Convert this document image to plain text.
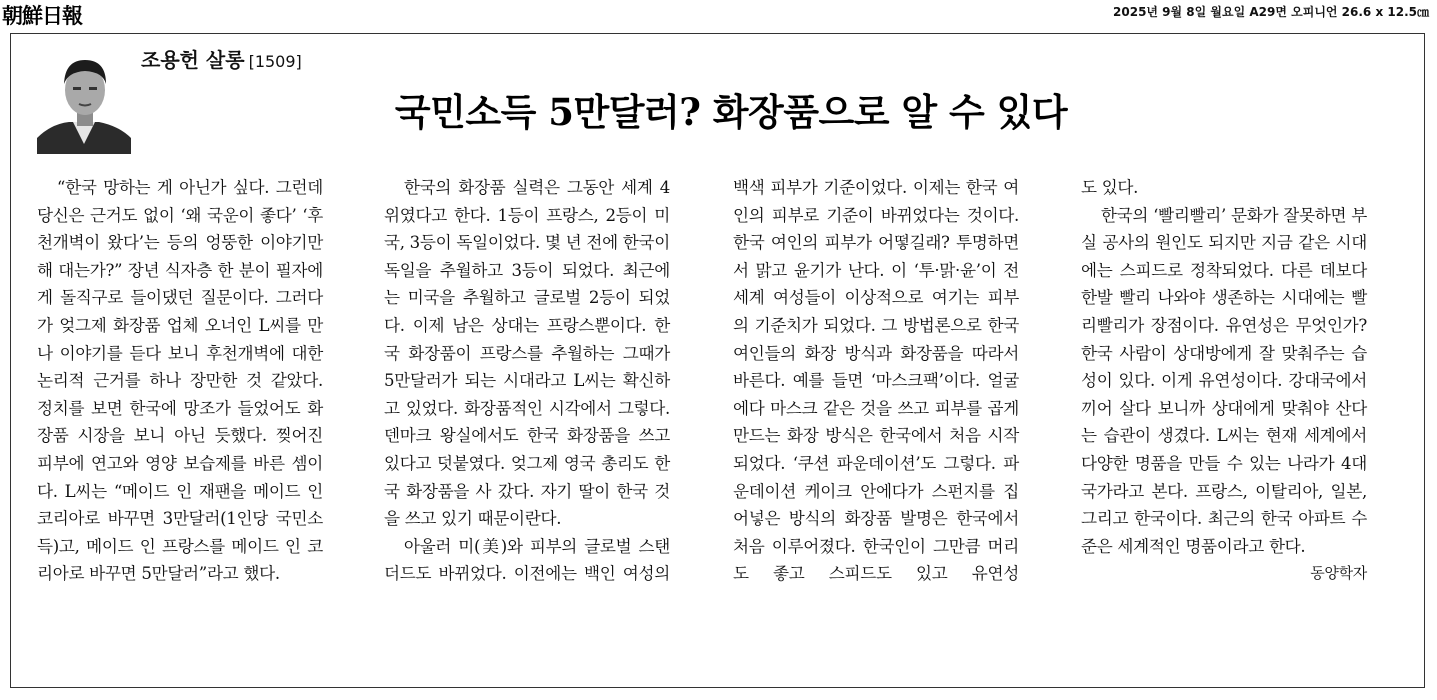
朝鮮日報	2025년 9월 8일 월요일 A29면 오피니언 26.6 x 12.5㎝
조용헌 살롱 [1509]
국민소득 5만달러? 화장품으로 알 수 있다

“한국 망하는 게 아닌가 싶다. 그런데 당신은 근거도 없이 ‘왜 국운이 좋다’ ‘후천개벽이 왔다’는 등의 엉뚱한 이야기만 해 대는가?” 장년 식자층 한 분이 필자에게 돌직구로 들이댔던 질문이다. 그러다가 엊그제 화장품 업체 오너인 L씨를 만나 이야기를 듣다 보니 후천개벽에 대한 논리적 근거를 하나 장만한 것 같았다. 정치를 보면 한국에 망조가 들었어도 화장품 시장을 보니 아닌 듯했다. 찢어진 피부에 연고와 영양 보습제를 바른 셈이다. L씨는 “메이드 인 재팬을 메이드 인 코리아로 바꾸면 3만달러(1인당 국민소득)고, 메이드 인 프랑스를 메이드 인 코리아로 바꾸면 5만달러”라고 했다.

한국의 화장품 실력은 그동안 세계 4위였다고 한다. 1등이 프랑스, 2등이 미국, 3등이 독일이었다. 몇 년 전에 한국이 독일을 추월하고 3등이 되었다. 최근에는 미국을 추월하고 글로벌 2등이 되었다. 이제 남은 상대는 프랑스뿐이다. 한국 화장품이 프랑스를 추월하는 그때가 5만달러가 되는 시대라고 L씨는 확신하고 있었다. 화장품적인 시각에서 그렇다. 덴마크 왕실에서도 한국 화장품을 쓰고 있다고 덧붙였다. 엊그제 영국 총리도 한국 화장품을 사 갔다. 자기 딸이 한국 것을 쓰고 있기 때문이란다.

아울러 미(美)와 피부의 글로벌 스탠더드도 바뀌었다. 이전에는 백인 여성의

백색 피부가 기준이었다. 이제는 한국 여인의 피부로 기준이 바뀌었다는 것이다. 한국 여인의 피부가 어떻길래? 투명하면서 맑고 윤기가 난다. 이 ‘투·맑·윤’이 전 세계 여성들이 이상적으로 여기는 피부의 기준치가 되었다. 그 방법론으로 한국 여인들의 화장 방식과 화장품을 따라서 바른다. 예를 들면 ‘마스크팩’이다. 얼굴에다 마스크 같은 것을 쓰고 피부를 곱게 만드는 화장 방식은 한국에서 처음 시작되었다. ‘쿠션 파운데이션’도 그렇다. 파운데이션 케이크 안에다가 스펀지를 집어넣은 방식의 화장품 발명은 한국에서 처음 이루어졌다. 한국인이 그만큼 머리도 좋고 스피드도 있고 유연성

도 있다.

한국의 ‘빨리빨리’ 문화가 잘못하면 부실 공사의 원인도 되지만 지금 같은 시대에는 스피드로 정착되었다. 다른 데보다 한발 빨리 나와야 생존하는 시대에는 빨리빨리가 장점이다. 유연성은 무엇인가? 한국 사람이 상대방에게 잘 맞춰주는 습성이 있다. 이게 유연성이다. 강대국에서 끼어 살다 보니까 상대에게 맞춰야 산다는 습관이 생겼다. L씨는 현재 세계에서 다양한 명품을 만들 수 있는 나라가 4대 국가라고 본다. 프랑스, 이탈리아, 일본, 그리고 한국이다. 최근의 한국 아파트 수준은 세계적인 명품이라고 한다.

동양학자
